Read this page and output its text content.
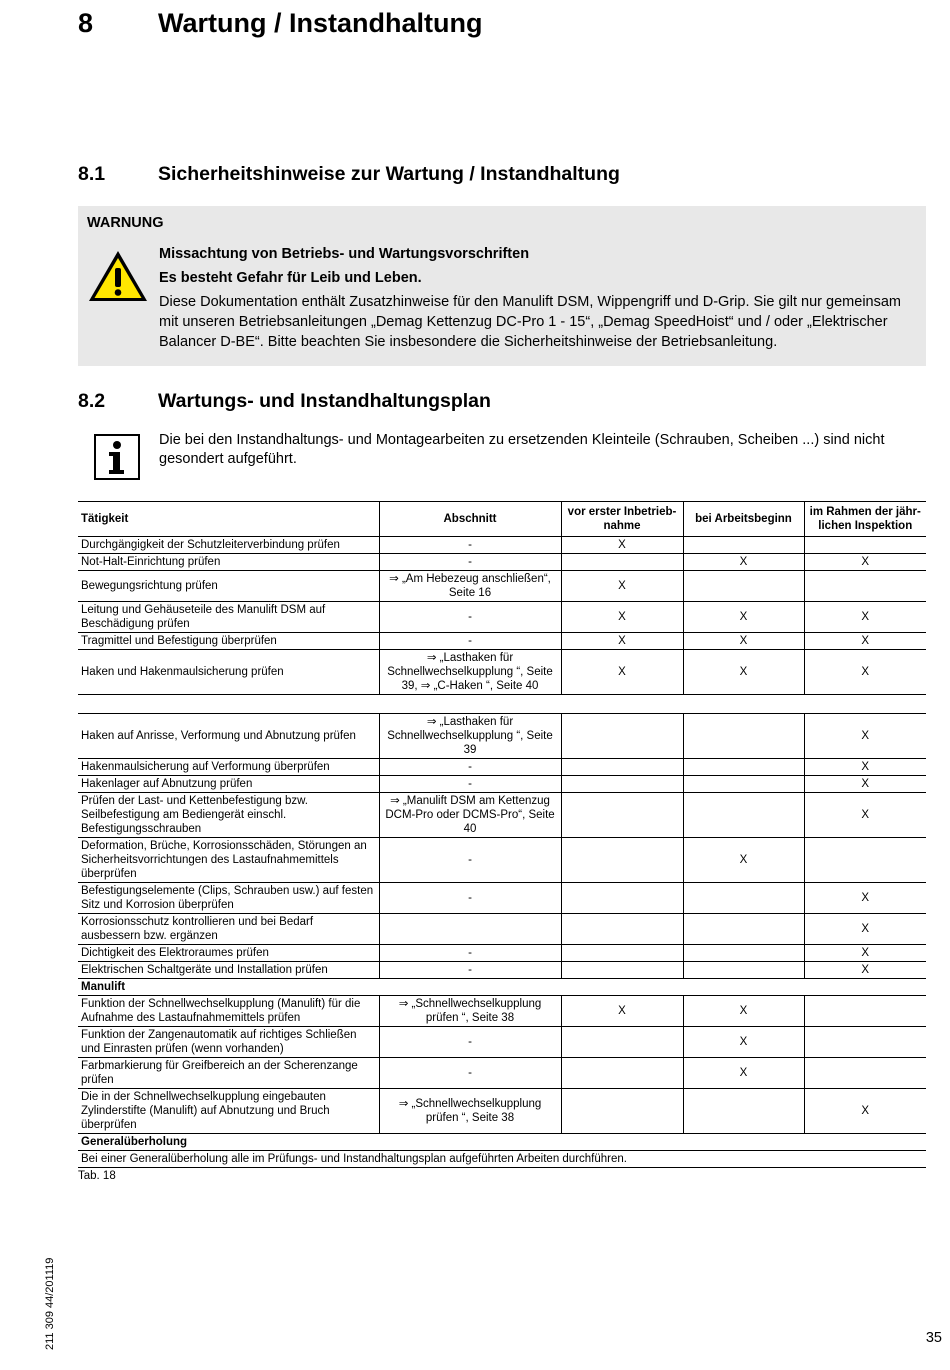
8 Wartung / Instandhaltung
8.1	Sicherheitshinweise zur Wartung / Instandhaltung
WARNUNG
Missachtung von Betriebs- und Wartungsvorschriften
Es besteht Gefahr für Leib und Leben.
Diese Dokumentation enthält Zusatzhinweise für den Manulift DSM, Wippengriff und D-Grip. Sie gilt nur gemeinsam mit unseren Betriebsanleitungen „Demag Kettenzug DC-Pro 1 - 15“, „Demag SpeedHoist“ und / oder „Elektrischer Balancer D-BE“. Bitte beachten Sie insbesondere die Sicherheitshinweise der Betriebsanleitung.
8.2	Wartungs- und Instandhaltungsplan
Die bei den Instandhaltungs- und Montagearbeiten zu ersetzenden Kleinteile (Schrauben, Scheiben ...) sind nicht gesondert aufgeführt.
Tätigkeit	Abschnitt	vor erster Inbetrieb-nahme	bei Arbeitsbeginn	im Rahmen der jähr-lichen Inspektion
Durchgängigkeit der Schutzleiterverbindung prüfen	-	X		
Not-Halt-Einrichtung prüfen	-		X	X
Bewegungsrichtung prüfen	⇒ „Am Hebezeug anschließen“, Seite 16	X		
Leitung und Gehäuseteile des Manulift DSM auf Beschädigung prüfen	-	X	X	X
Tragmittel und Befestigung überprüfen	-	X	X	X
Haken und Hakenmaulsicherung prüfen	⇒ „Lasthaken für Schnellwechselkupplung “, Seite 39, ⇒ „C-Haken “, Seite 40	X	X	X

Haken auf Anrisse, Verformung und Abnutzung prüfen	⇒ „Lasthaken für Schnellwechselkupplung “, Seite 39			X
Hakenmaulsicherung auf Verformung überprüfen	-			X
Hakenlager auf Abnutzung prüfen	-			X
Prüfen der Last- und Kettenbefestigung bzw. Seilbefestigung am Bediengerät einschl. Befestigungsschrauben	⇒ „Manulift DSM am Kettenzug DCM-Pro oder DCMS-Pro“, Seite 40			X
Deformation, Brüche, Korrosionsschäden, Störungen an Sicherheitsvorrichtungen des Lastaufnahmemittels überprüfen	-		X	
Befestigungselemente (Clips, Schrauben usw.) auf festen Sitz und Korrosion überprüfen	-			X
Korrosionsschutz kontrollieren und bei Bedarf ausbessern bzw. ergänzen				X
Dichtigkeit des Elektroraumes prüfen	-			X
Elektrischen Schaltgeräte und Installation prüfen	-			X
Manulift				
Funktion der Schnellwechselkupplung (Manulift) für die Aufnahme des Lastaufnahmemittels prüfen	⇒ „Schnellwechselkupplung prüfen “, Seite 38	X	X	
Funktion der Zangenautomatik auf richtiges Schließen und Einrasten prüfen (wenn vorhanden)	-		X	
Farbmarkierung für Greifbereich an der Scherenzange prüfen	-		X	
Die in der Schnellwechselkupplung eingebauten Zylinderstifte (Manulift) auf Abnutzung und Bruch überprüfen	⇒ „Schnellwechselkupplung prüfen “, Seite 38			X
Generalüberholung				
Bei einer Generalüberholung alle im Prüfungs- und Instandhaltungsplan aufgeführten Arbeiten durchführen.				
Tab. 18
211 309 44/201119	35
